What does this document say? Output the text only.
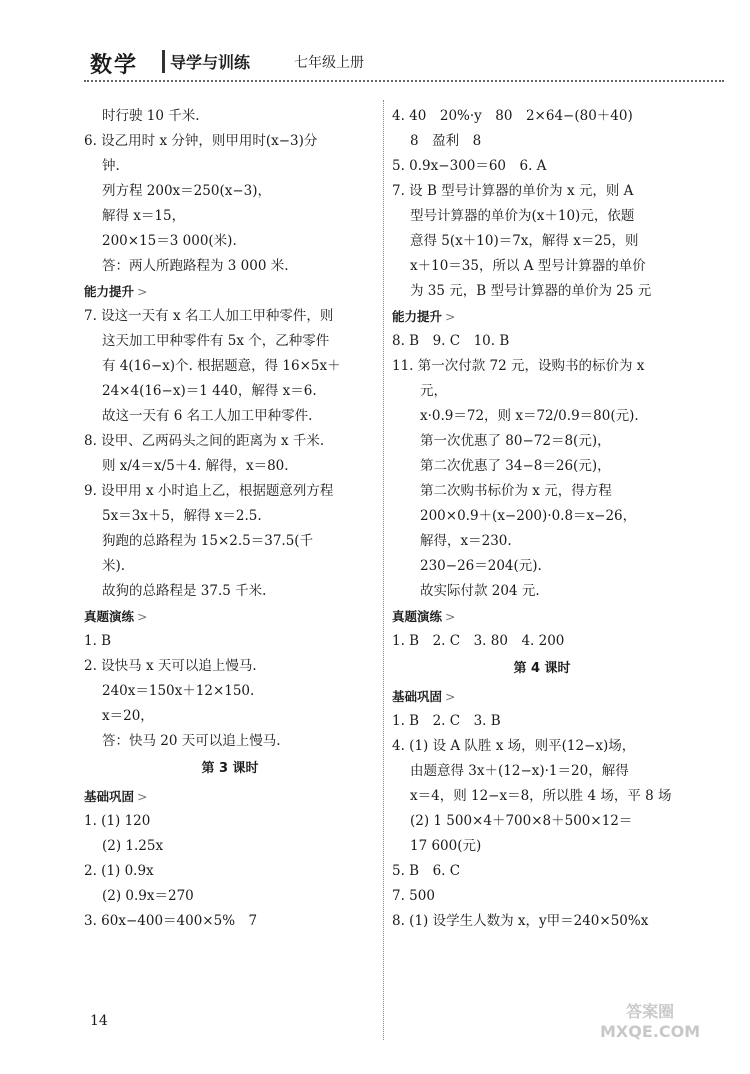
数学	导学与训练	七年级上册
时行驶 10 千米.
6. 设乙用时 x 分钟，则甲用时(x−3)分
钟.
列方程 200x＝250(x−3)，
解得 x＝15，
200×15＝3 000(米).
答：两人所跑路程为 3 000 米.
能力提升 >
7. 设这一天有 x 名工人加工甲种零件，则
这天加工甲种零件有 5x 个，乙种零件
有 4(16−x)个. 根据题意，得 16×5x＋
24×4(16−x)＝1 440，解得 x＝6.
故这一天有 6 名工人加工甲种零件.
8. 设甲、乙两码头之间的距离为 x 千米.
则 x/4＝x/5＋4. 解得，x＝80.
9. 设甲用 x 小时追上乙，根据题意列方程
5x＝3x＋5，解得 x＝2.5.
狗跑的总路程为 15×2.5＝37.5(千
米).
故狗的总路程是 37.5 千米.
真题演练 >
1. B
2. 设快马 x 天可以追上慢马.
240x＝150x＋12×150.
x＝20，
答：快马 20 天可以追上慢马.
第 3 课时
基础巩固 >
1. (1) 120
(2) 1.25x
2. (1) 0.9x
(2) 0.9x＝270
3. 60x−400＝400×5%　7
4. 40　20%·y　80　2×64−(80＋40)
8　盈利　8
5. 0.9x−300＝60　6. A
7. 设 B 型号计算器的单价为 x 元，则 A
型号计算器的单价为(x＋10)元，依题
意得 5(x＋10)＝7x，解得 x＝25，则
x＋10＝35，所以 A 型号计算器的单价
为 35 元，B 型号计算器的单价为 25 元
能力提升 >
8. B　9. C　10. B
11. 第一次付款 72 元，设购书的标价为 x
元，
x·0.9＝72，则 x＝72/0.9＝80(元).
第一次优惠了 80−72＝8(元)，
第二次优惠了 34−8＝26(元)，
第二次购书标价为 x 元，得方程
200×0.9＋(x−200)·0.8＝x−26，
解得，x＝230.
230−26＝204(元).
故实际付款 204 元.
真题演练 >
1. B　2. C　3. 80　4. 200
第 4 课时
基础巩固 >
1. B　2. C　3. B
4. (1) 设 A 队胜 x 场，则平(12−x)场，
由题意得 3x＋(12−x)·1＝20，解得
x＝4，则 12−x＝8，所以胜 4 场，平 8 场
(2) 1 500×4＋700×8＋500×12＝
17 600(元)
5. B　6. C
7. 500
8. (1) 设学生人数为 x，y甲＝240×50%x
14	答案圈
MXQE.COM
